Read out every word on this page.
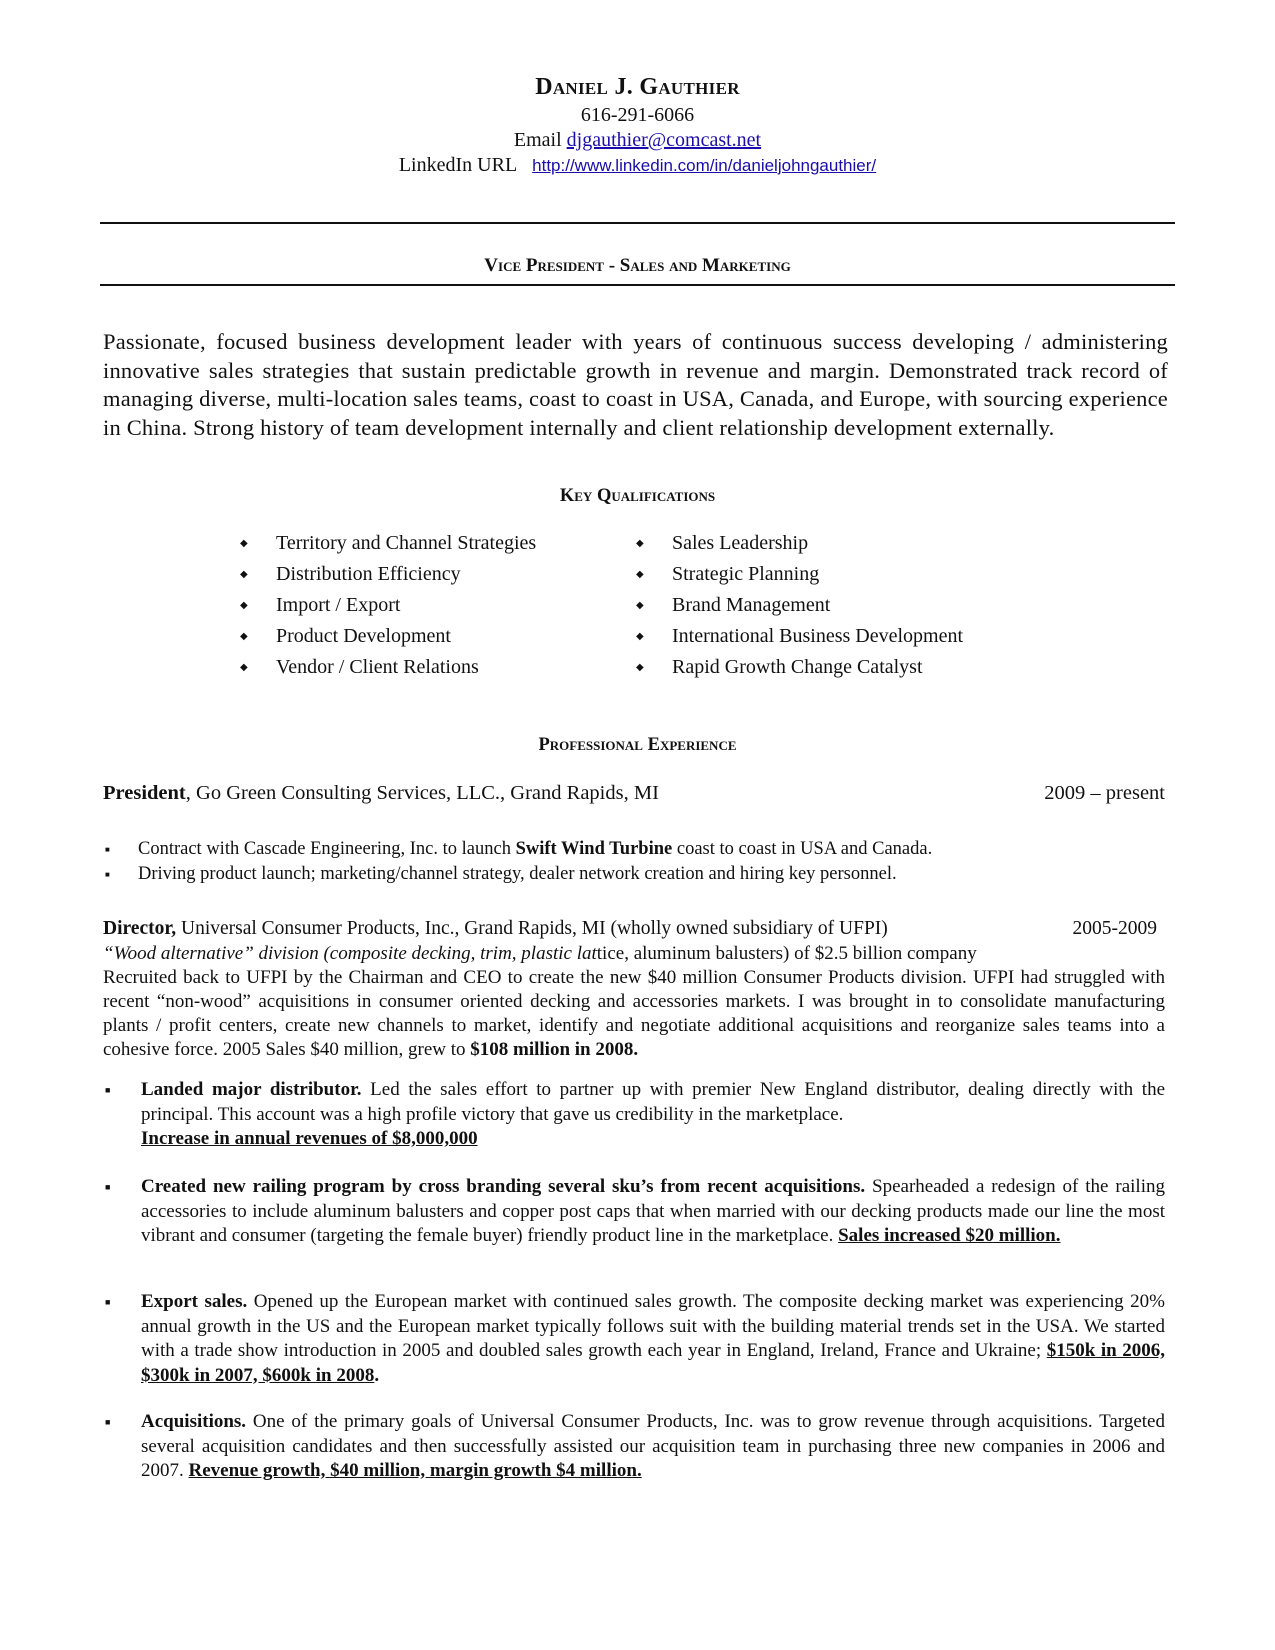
Daniel J. Gauthier
616-291-6066
Email djgauthier@comcast.net
LinkedIn URL http://www.linkedin.com/in/danieljohngauthier/
Vice President - Sales and Marketing
Passionate, focused business development leader with years of continuous success developing / administering innovative sales strategies that sustain predictable growth in revenue and margin. Demonstrated track record of managing diverse, multi-location sales teams, coast to coast in USA, Canada, and Europe, with sourcing experience in China. Strong history of team development internally and client relationship development externally.
Key Qualifications
◆ Territory and Channel Strategies
◆ Distribution Efficiency
◆ Import / Export
◆ Product Development
◆ Vendor / Client Relations
◆ Sales Leadership
◆ Strategic Planning
◆ Brand Management
◆ International Business Development
◆ Rapid Growth Change Catalyst
Professional Experience
President, Go Green Consulting Services, LLC., Grand Rapids, MI	2009 – present
■ Contract with Cascade Engineering, Inc. to launch Swift Wind Turbine coast to coast in USA and Canada.
■ Driving product launch; marketing/channel strategy, dealer network creation and hiring key personnel.
Director, Universal Consumer Products, Inc., Grand Rapids, MI (wholly owned subsidiary of UFPI)	2005-2009
“Wood alternative” division (composite decking, trim, plastic lattice, aluminum balusters) of $2.5 billion company
Recruited back to UFPI by the Chairman and CEO to create the new $40 million Consumer Products division. UFPI had struggled with recent “non-wood” acquisitions in consumer oriented decking and accessories markets. I was brought in to consolidate manufacturing plants / profit centers, create new channels to market, identify and negotiate additional acquisitions and reorganize sales teams into a cohesive force. 2005 Sales $40 million, grew to $108 million in 2008.
■ Landed major distributor. Led the sales effort to partner up with premier New England distributor, dealing directly with the principal. This account was a high profile victory that gave us credibility in the marketplace.
Increase in annual revenues of $8,000,000
■ Created new railing program by cross branding several sku’s from recent acquisitions. Spearheaded a redesign of the railing accessories to include aluminum balusters and copper post caps that when married with our decking products made our line the most vibrant and consumer (targeting the female buyer) friendly product line in the marketplace. Sales increased $20 million.
■ Export sales. Opened up the European market with continued sales growth. The composite decking market was experiencing 20% annual growth in the US and the European market typically follows suit with the building material trends set in the USA. We started with a trade show introduction in 2005 and doubled sales growth each year in England, Ireland, France and Ukraine; $150k in 2006, $300k in 2007, $600k in 2008.
■ Acquisitions. One of the primary goals of Universal Consumer Products, Inc. was to grow revenue through acquisitions. Targeted several acquisition candidates and then successfully assisted our acquisition team in purchasing three new companies in 2006 and 2007. Revenue growth, $40 million, margin growth $4 million.
